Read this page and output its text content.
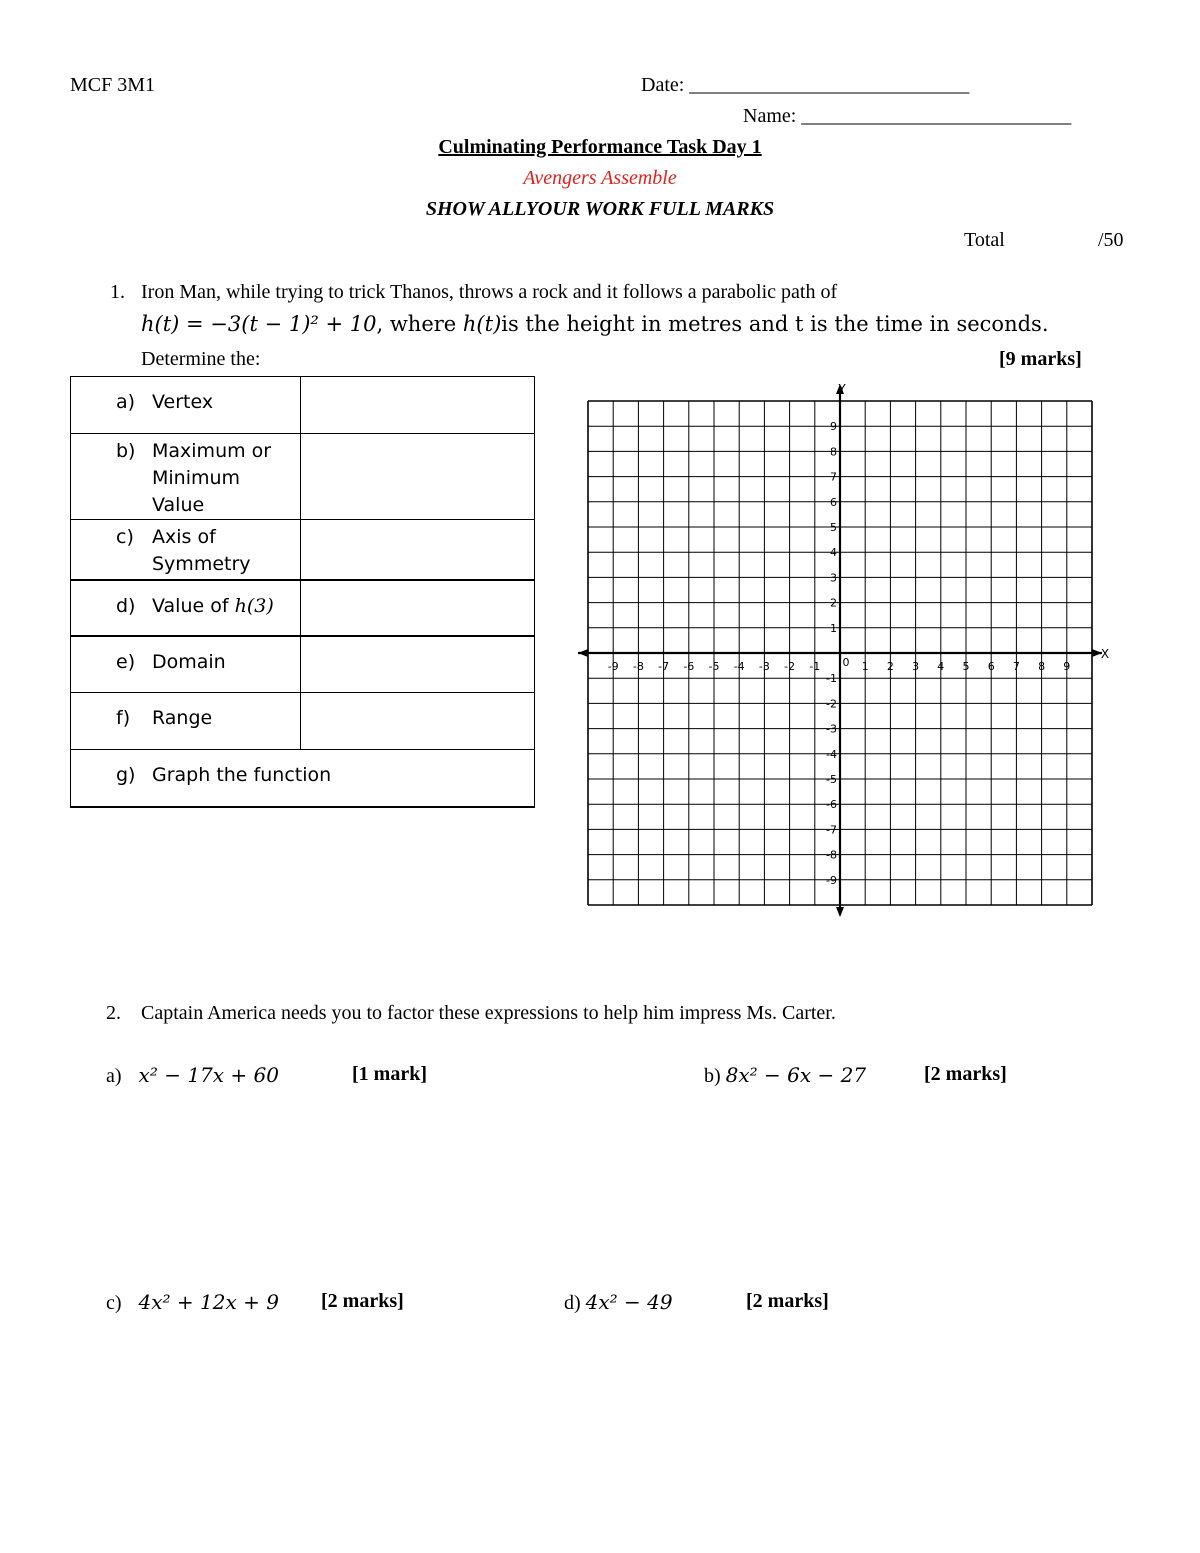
MCF 3M1	Date: ____________________________
Name: ___________________________
Culminating Performance Task Day 1
Avengers Assemble
SHOW ALLYOUR WORK FULL MARKS
Total	/50
1. Iron Man, while trying to trick Thanos, throws a rock and it follows a parabolic path of
h(t) = −3(t − 1)² + 10, where h(t)is the height in metres and t is the time in seconds.
Determine the:	[9 marks]
a) Vertex	

b) Maximum or Minimum Value	

c) Axis of Symmetry	

d) Value of h(3)	

e) Domain	

f) Range	

g) Graph the function	
-9 -8 -7 -6 -5 -4 -3 -2 -1	1 2 3 4 5 6 7 8 9
9
8
7
6
5
4
3
2
1
-1
-2
-3
-4
-5
-6
-7
-8
-9
0
X
Y
2. Captain America needs you to factor these expressions to help him impress Ms. Carter.
a) x² − 17x + 60	[1 mark]	b) 8x² − 6x − 27	[2 marks]
c) 4x² + 12x + 9 [2 marks]	d) 4x² − 49	[2 marks]
